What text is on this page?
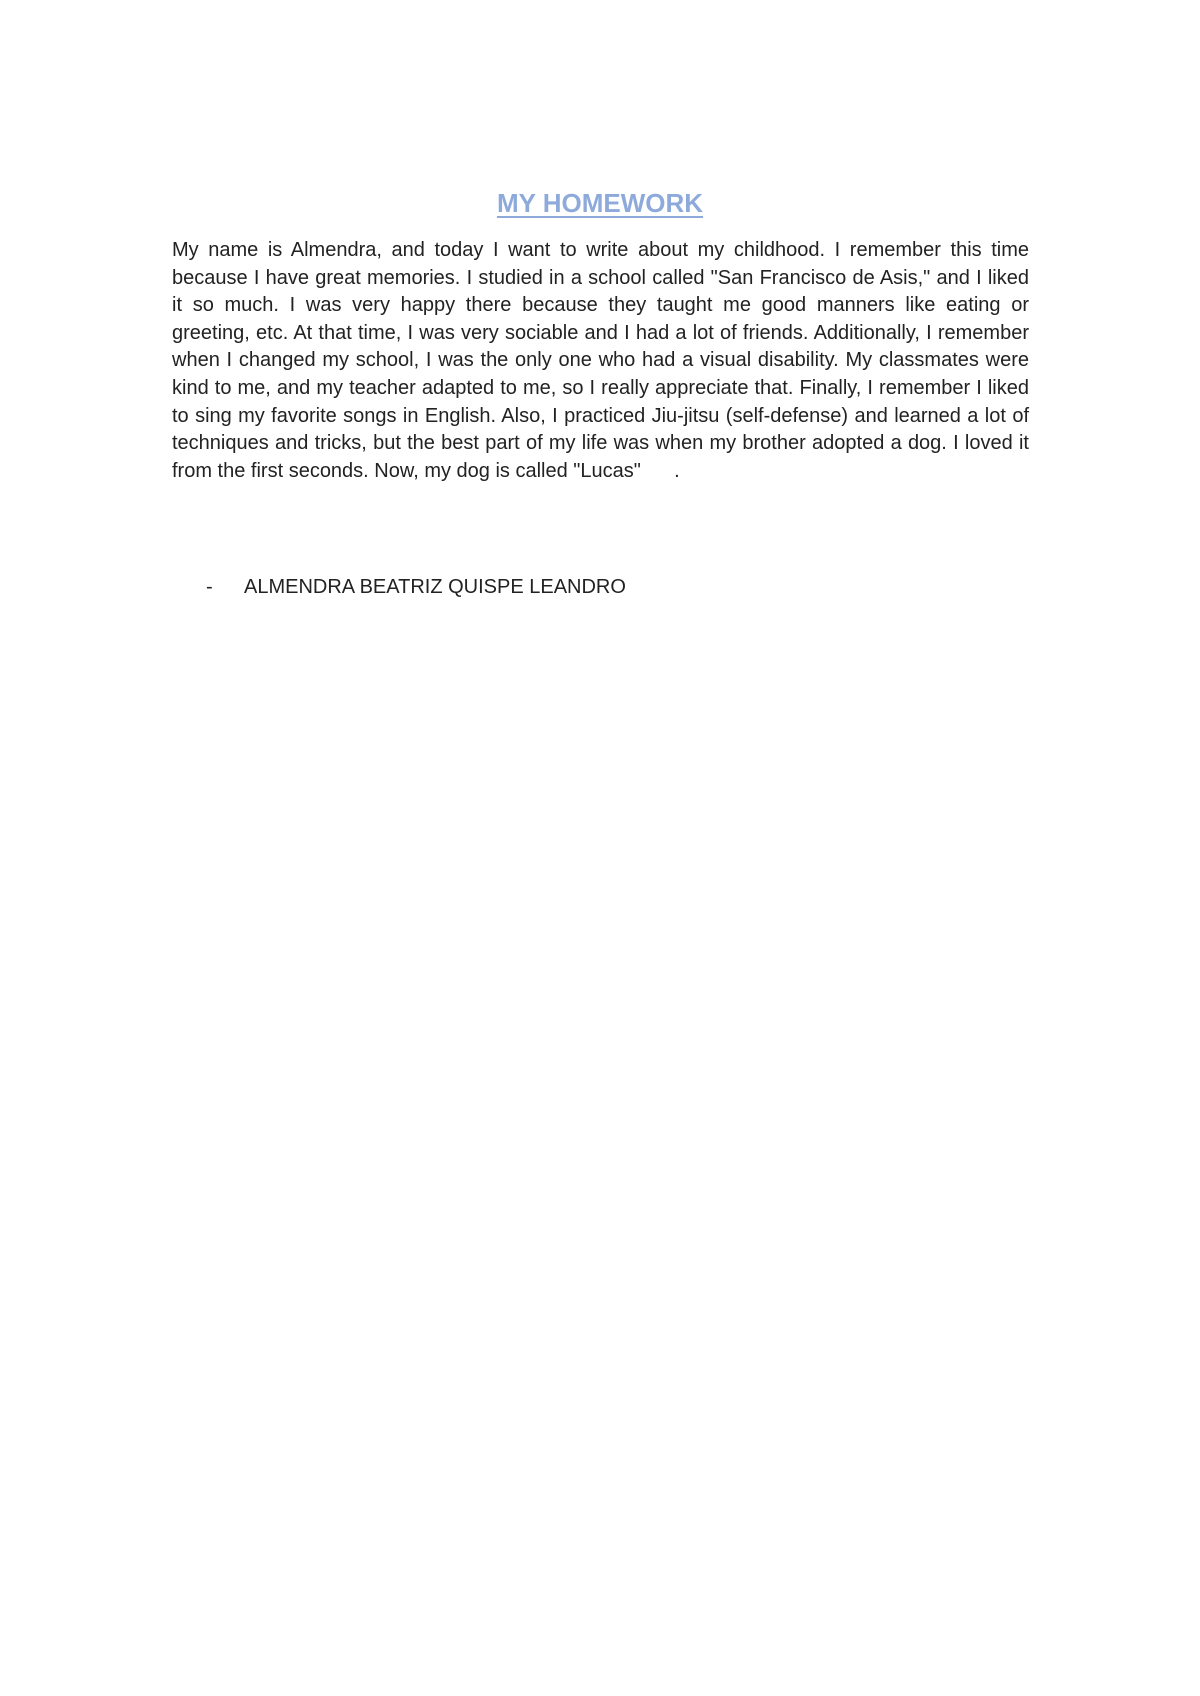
MY HOMEWORK

My name is Almendra, and today I want to write about my childhood. I remember this time because I have great memories. I studied in a school called "San Francisco de Asis," and I liked it so much. I was very happy there because they taught me good manners like eating or greeting, etc. At that time, I was very sociable and I had a lot of friends. Additionally, I remember when I changed my school, I was the only one who had a visual disability. My classmates were kind to me, and my teacher adapted to me, so I really appreciate that. Finally, I remember I liked to sing my favorite songs in English. Also, I practiced Jiu-jitsu (self-defense) and learned a lot of techniques and tricks, but the best part of my life was when my brother adopted a dog. I loved it from the first seconds. Now, my dog is called "Lucas"      .

-	ALMENDRA BEATRIZ QUISPE LEANDRO
